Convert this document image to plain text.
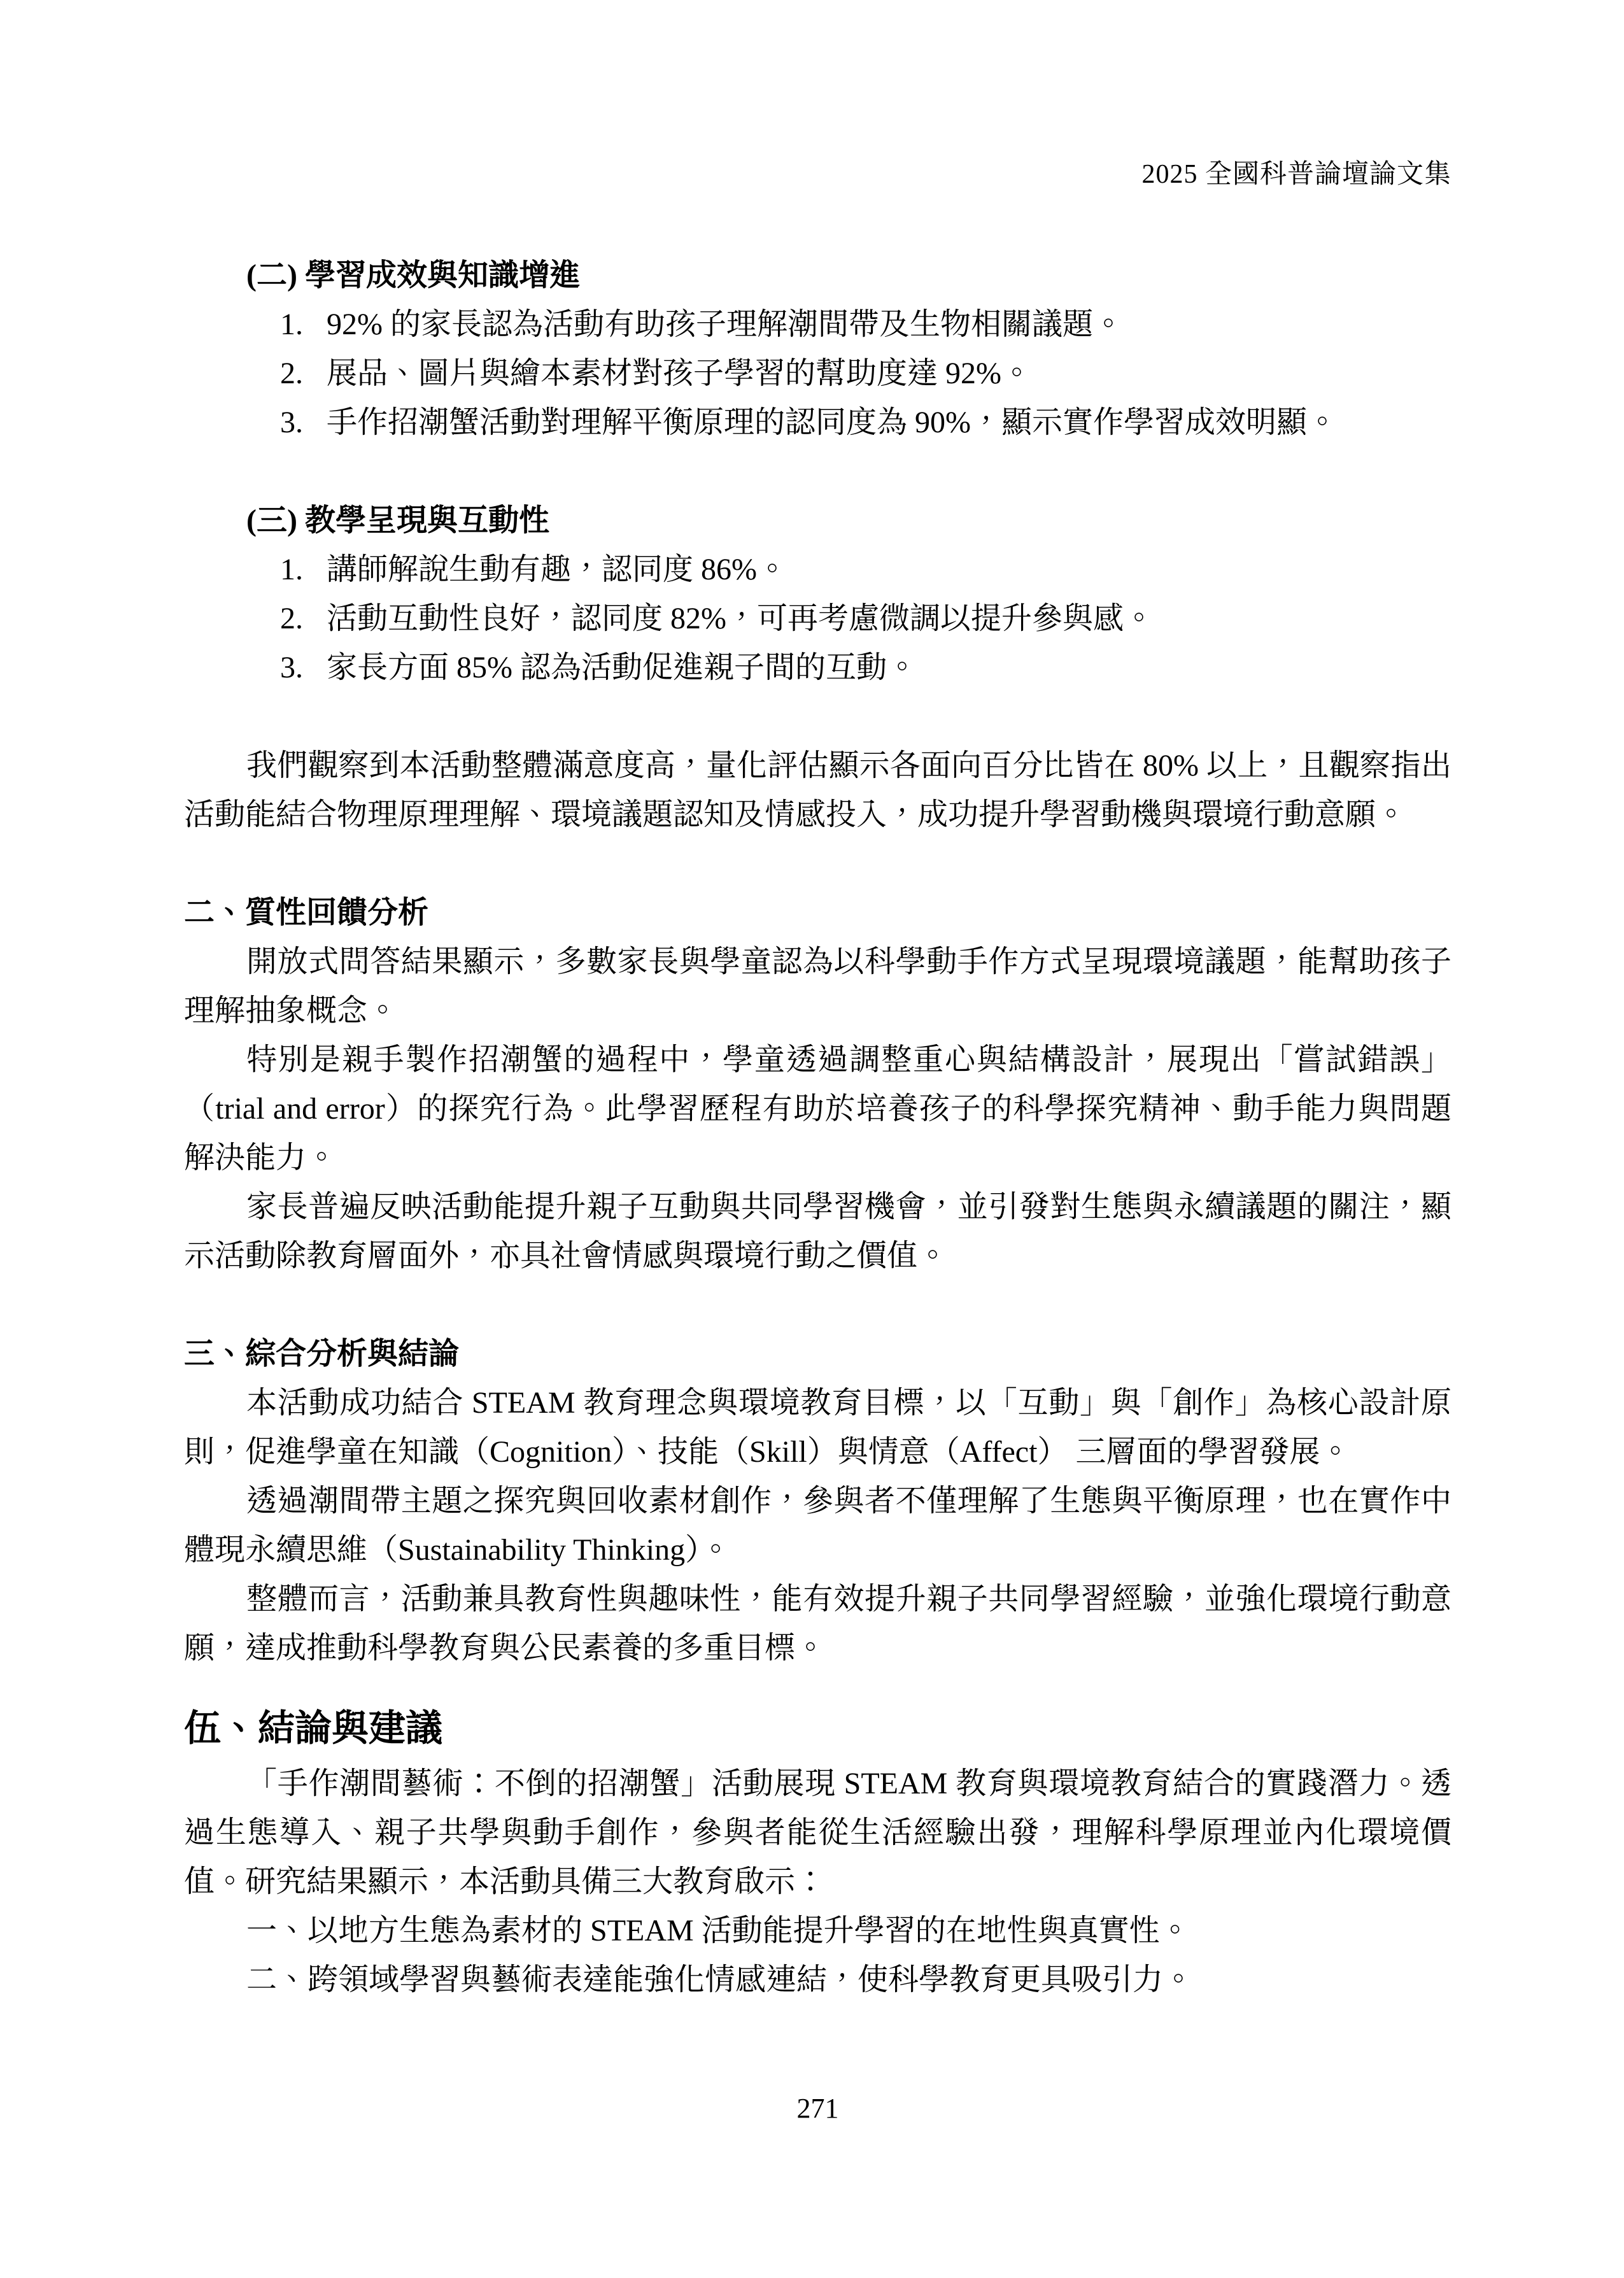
2025 全國科普論壇論文集
(二) 學習成效與知識增進
1. 92% 的家長認為活動有助孩子理解潮間帶及生物相關議題。
2. 展品、圖片與繪本素材對孩子學習的幫助度達 92%。
3. 手作招潮蟹活動對理解平衡原理的認同度為 90%，顯示實作學習成效明顯。
(三) 教學呈現與互動性
1. 講師解說生動有趣，認同度 86%。
2. 活動互動性良好，認同度 82%，可再考慮微調以提升參與感。
3. 家長方面 85% 認為活動促進親子間的互動。

我們觀察到本活動整體滿意度高，量化評估顯示各面向百分比皆在 80% 以上，且觀察指出活動能結合物理原理理解、環境議題認知及情感投入，成功提升學習動機與環境行動意願。

二、質性回饋分析

開放式問答結果顯示，多數家長與學童認為以科學動手作方式呈現環境議題，能幫助孩子理解抽象概念。

特別是親手製作招潮蟹的過程中，學童透過調整重心與結構設計，展現出「嘗試錯誤」（trial and error）的探究行為。此學習歷程有助於培養孩子的科學探究精神、動手能力與問題解決能力。

家長普遍反映活動能提升親子互動與共同學習機會，並引發對生態與永續議題的關注，顯示活動除教育層面外，亦具社會情感與環境行動之價值。

三、綜合分析與結論

本活動成功結合 STEAM 教育理念與環境教育目標，以「互動」與「創作」為核心設計原則，促進學童在知識（Cognition）、技能（Skill）與情意（Affect） 三層面的學習發展。

透過潮間帶主題之探究與回收素材創作，參與者不僅理解了生態與平衡原理，也在實作中體現永續思維（Sustainability Thinking）。

整體而言，活動兼具教育性與趣味性，能有效提升親子共同學習經驗，並強化環境行動意願，達成推動科學教育與公民素養的多重目標。

伍、結論與建議

「手作潮間藝術：不倒的招潮蟹」活動展現 STEAM 教育與環境教育結合的實踐潛力。透過生態導入、親子共學與動手創作，參與者能從生活經驗出發，理解科學原理並內化環境價值。研究結果顯示，本活動具備三大教育啟示：

一、以地方生態為素材的 STEAM 活動能提升學習的在地性與真實性。

二、跨領域學習與藝術表達能強化情感連結，使科學教育更具吸引力。

271
